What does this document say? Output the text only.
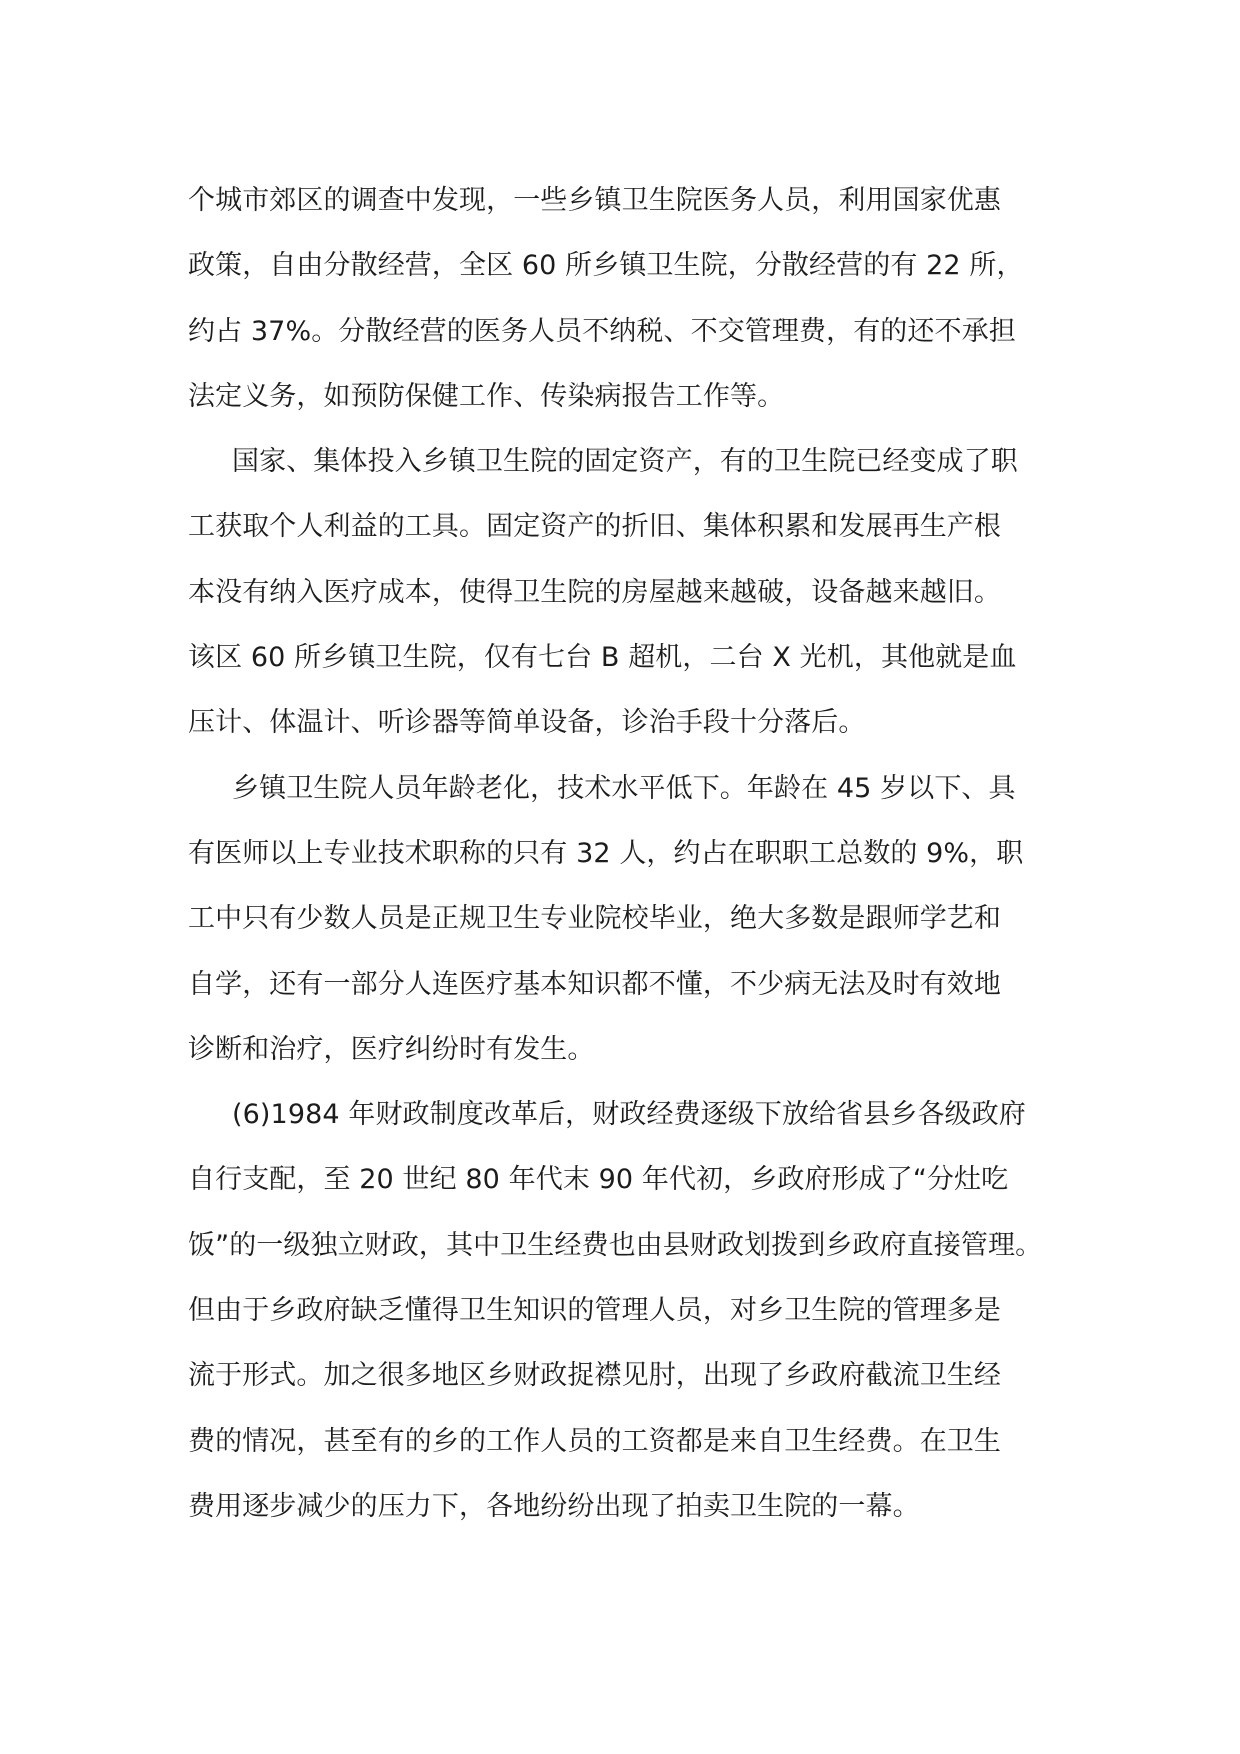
个城市郊区的调查中发现，一些乡镇卫生院医务人员，利用国家优惠
政策，自由分散经营，全区 60 所乡镇卫生院，分散经营的有 22 所，
约占 37%。分散经营的医务人员不纳税、不交管理费，有的还不承担
法定义务，如预防保健工作、传染病报告工作等。
国家、集体投入乡镇卫生院的固定资产，有的卫生院已经变成了职
工获取个人利益的工具。固定资产的折旧、集体积累和发展再生产根
本没有纳入医疗成本，使得卫生院的房屋越来越破，设备越来越旧。
该区 60 所乡镇卫生院，仅有七台 B 超机，二台 X 光机，其他就是血
压计、体温计、听诊器等简单设备，诊治手段十分落后。
乡镇卫生院人员年龄老化，技术水平低下。年龄在 45 岁以下、具
有医师以上专业技术职称的只有 32 人，约占在职职工总数的 9%，职
工中只有少数人员是正规卫生专业院校毕业，绝大多数是跟师学艺和
自学，还有一部分人连医疗基本知识都不懂，不少病无法及时有效地
诊断和治疗，医疗纠纷时有发生。
(6)1984 年财政制度改革后，财政经费逐级下放给省县乡各级政府
自行支配，至 20 世纪 80 年代末 90 年代初，乡政府形成了“分灶吃
饭”的一级独立财政，其中卫生经费也由县财政划拨到乡政府直接管理。
但由于乡政府缺乏懂得卫生知识的管理人员，对乡卫生院的管理多是
流于形式。加之很多地区乡财政捉襟见肘，出现了乡政府截流卫生经
费的情况，甚至有的乡的工作人员的工资都是来自卫生经费。在卫生
费用逐步减少的压力下，各地纷纷出现了拍卖卫生院的一幕。
